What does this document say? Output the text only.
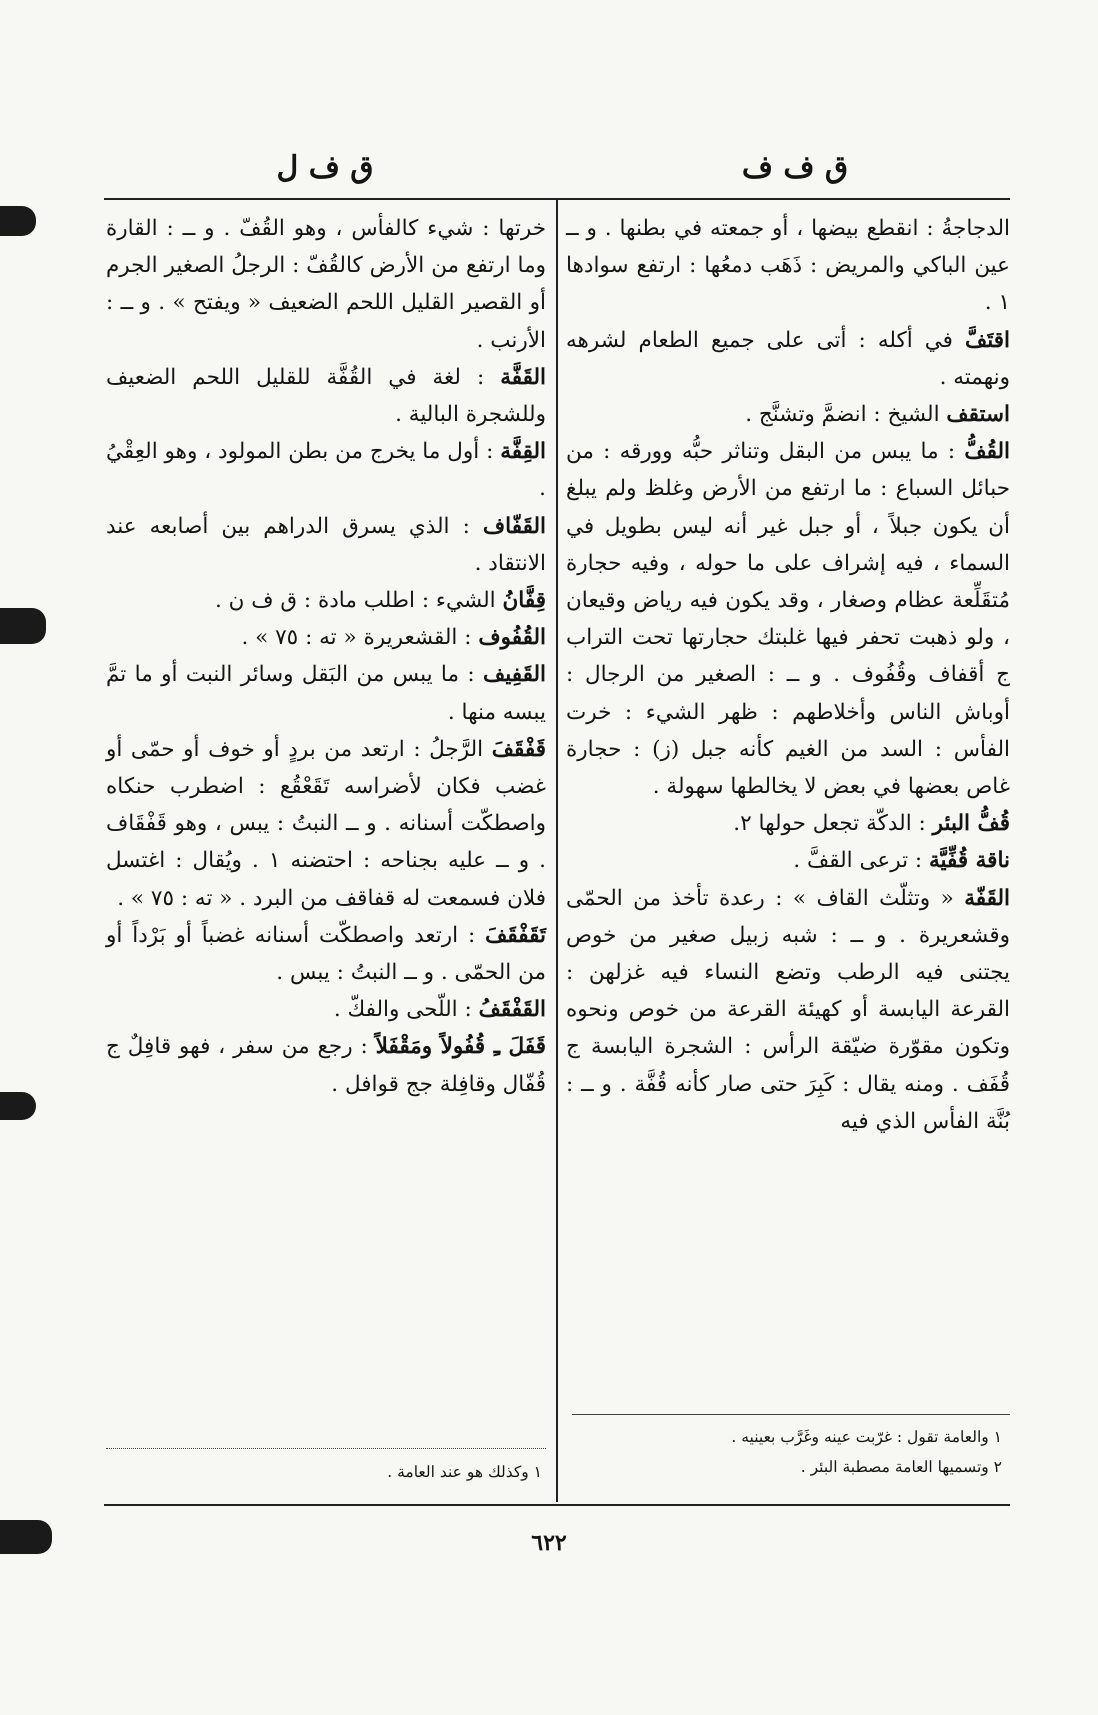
ق ف ف
ق ف ل

الدجاجةُ : انقطع بيضها ، أو جمعته في بطنها . و ــ عين الباكي والمريض : ذَهَب دمعُها : ارتفع سوادها ١ .

اقتَفَّ في أكله : أتى على جميع الطعام لشرهه ونهمته .

استقف الشيخ : انضمَّ وتشنَّج .

القُفُّ : ما يبس من البقل وتناثر حبُّه وورقه : من حبائل السباع : ما ارتفع من الأرض وغلظ ولم يبلغ أن يكون جبلاً ، أو جبل غير أنه ليس بطويل في السماء ، فيه إشراف على ما حوله ، وفيه حجارة مُتقَلِّعة عظام وصغار ، وقد يكون فيه رياض وقيعان ، ولو ذهبت تحفر فيها غلبتك حجارتها تحت التراب ج أقفاف وقُفُوف . و ــ : الصغير من الرجال : أوباش الناس وأخلاطهم : ظهر الشيء : خرت الفأس : السد من الغيم كأنه جبل (ز) : حجارة غاص بعضها في بعض لا يخالطها سهولة .

قُفُّ البئر : الدكّة تجعل حولها ٢.

ناقة قُفِّيَّة : ترعى القفَّ .

القَفّة « وتثلّث القاف » : رعدة تأخذ من الحمّى وقشعريرة . و ــ : شبه زبيل صغير من خوص يجتنى فيه الرطب وتضع النساء فيه غزلهن : القرعة اليابسة أو كهيئة القرعة من خوص ونحوه وتكون مقوّرة ضيّقة الرأس : الشجرة اليابسة ج قُفَف . ومنه يقال : كَبِرَ حتى صار كأنه قُفَّة . و ــ : بُنَّة الفأس الذي فيه

خرتها : شيء كالفأس ، وهو القُفّ . و ــ : القارة وما ارتفع من الأرض كالقُفّ : الرجلُ الصغير الجرم أو القصير القليل اللحم الضعيف « ويفتح » . و ــ : الأرنب .

القَفَّة : لغة في القُفَّة للقليل اللحم الضعيف وللشجرة البالية .

القِفَّة : أول ما يخرج من بطن المولود ، وهو العِقْيُ .

القَفّاف : الذي يسرق الدراهم بين أصابعه عند الانتقاد .

قِفَّانُ الشيء : اطلب مادة : ق ف ن .

القُفُوف : القشعريرة « ته : ٧٥ » .

القَفِيف : ما يبس من البَقل وسائر النبت أو ما تمَّ يبسه منها .

قَفْقَفَ الرَّجلُ : ارتعد من بردٍ أو خوف أو حمّى أو غضب فكان لأضراسه تَقَعْقُع : اضطرب حنكاه واصطكّت أسنانه . و ــ النبتُ : يبس ، وهو قَفْقَاف . و ــ عليه بجناحه : احتضنه ١ . ويُقال : اغتسل فلان فسمعت له قفاقف من البرد . « ته : ٧٥ » .

تَقَفْقَفَ : ارتعد واصطكّت أسنانه غضباً أو بَرْداً أو من الحمّى . و ــ النبتُ : يبس .

القَفْقَفُ : اللّحى والفكّ .

قَفَلَ ـِ قُفُولاً ومَقْفَلاً : رجع من سفر ، فهو قافِلٌ ج قُفّال وقافِلة جج قوافل .

١ والعامة تقول : غرّبت عينه وغَرَّب بعينيه .
٢ وتسميها العامة مصطبة البئر .
١ وكذلك هو عند العامة .
٦٢٢
